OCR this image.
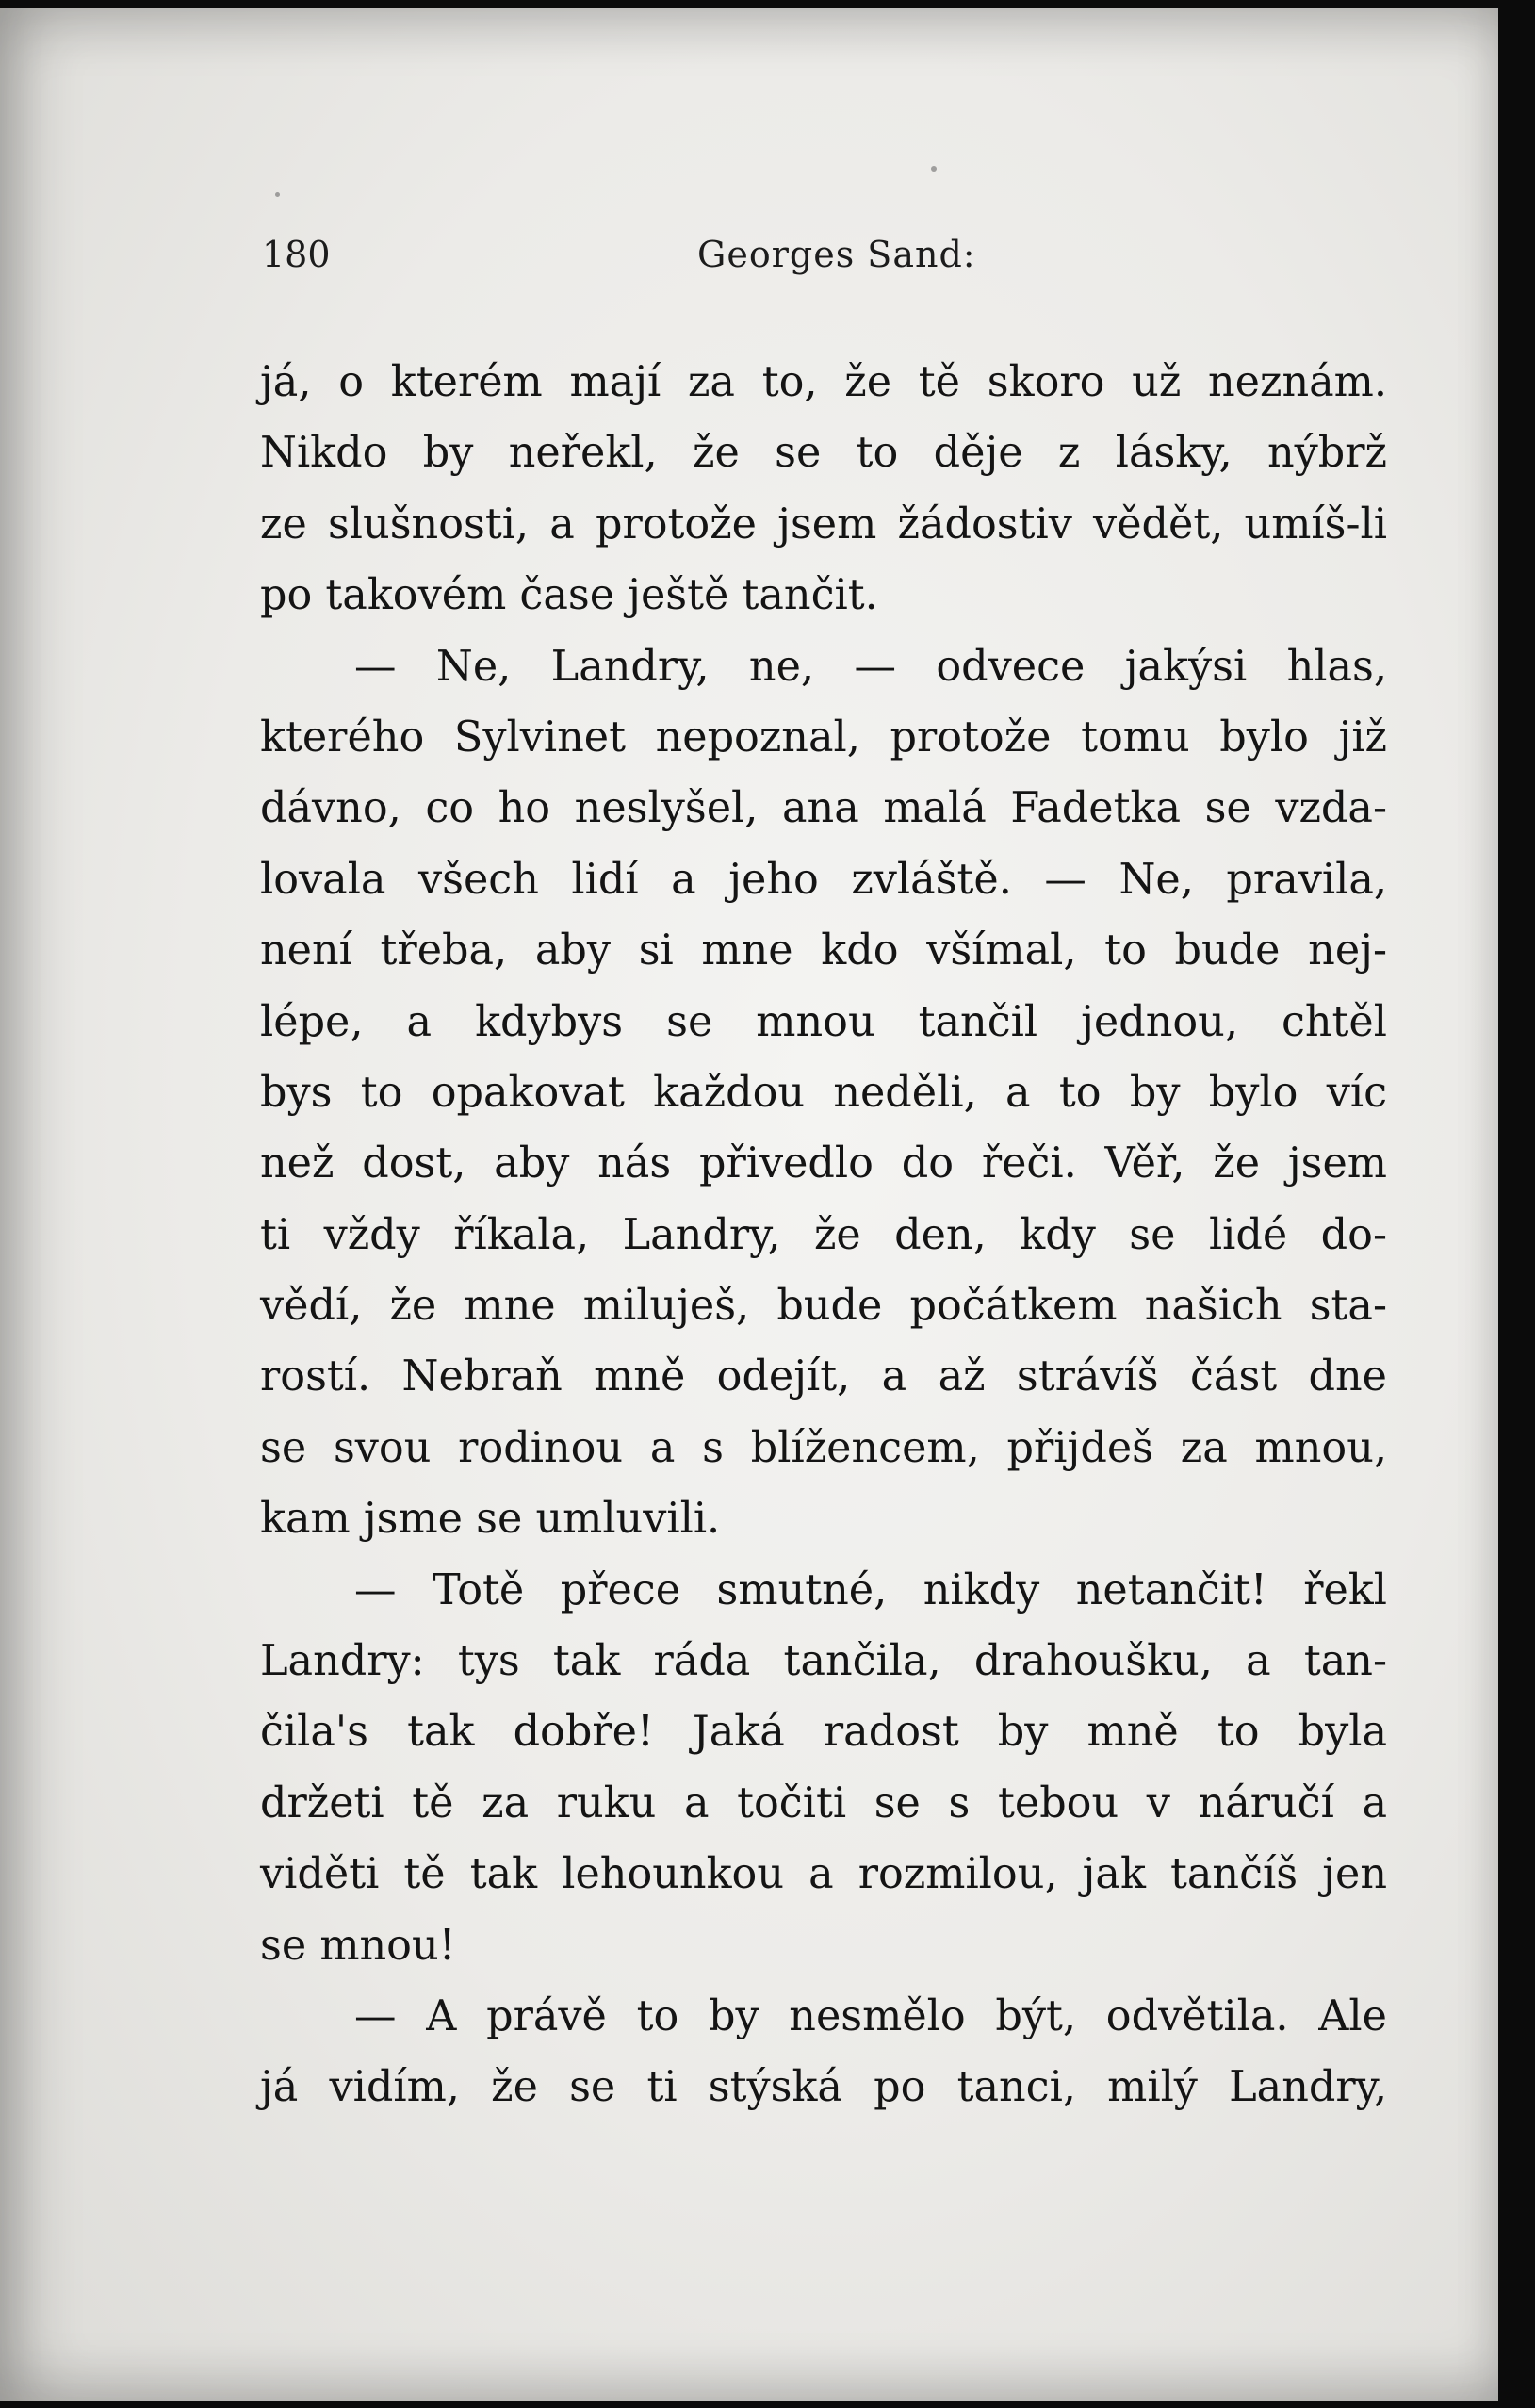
180	Georges Sand:
já, o kterém mají za to, že tě skoro už neznám.
Nikdo by neřekl, že se to děje z lásky, nýbrž
ze slušnosti, a protože jsem žádostiv vědět, umíš-li
po takovém čase ještě tančit.
— Ne, Landry, ne, — odvece jakýsi hlas,
kterého Sylvinet nepoznal, protože tomu bylo již
dávno, co ho neslyšel, ana malá Fadetka se vzda-
lovala všech lidí a jeho zvláště. — Ne, pravila,
není třeba, aby si mne kdo všímal, to bude nej-
lépe, a kdybys se mnou tančil jednou, chtěl
bys to opakovat každou neděli, a to by bylo víc
než dost, aby nás přivedlo do řeči. Věř, že jsem
ti vždy říkala, Landry, že den, kdy se lidé do-
vědí, že mne miluješ, bude počátkem našich sta-
rostí. Nebraň mně odejít, a až strávíš část dne
se svou rodinou a s blížencem, přijdeš za mnou,
kam jsme se umluvili.
— Totě přece smutné, nikdy netančit! řekl
Landry: tys tak ráda tančila, drahoušku, a tan-
čila's tak dobře! Jaká radost by mně to byla
držeti tě za ruku a točiti se s tebou v náručí a
viděti tě tak lehounkou a rozmilou, jak tančíš jen
se mnou!
— A právě to by nesmělo být, odvětila. Ale
já vidím, že se ti stýská po tanci, milý Landry,
